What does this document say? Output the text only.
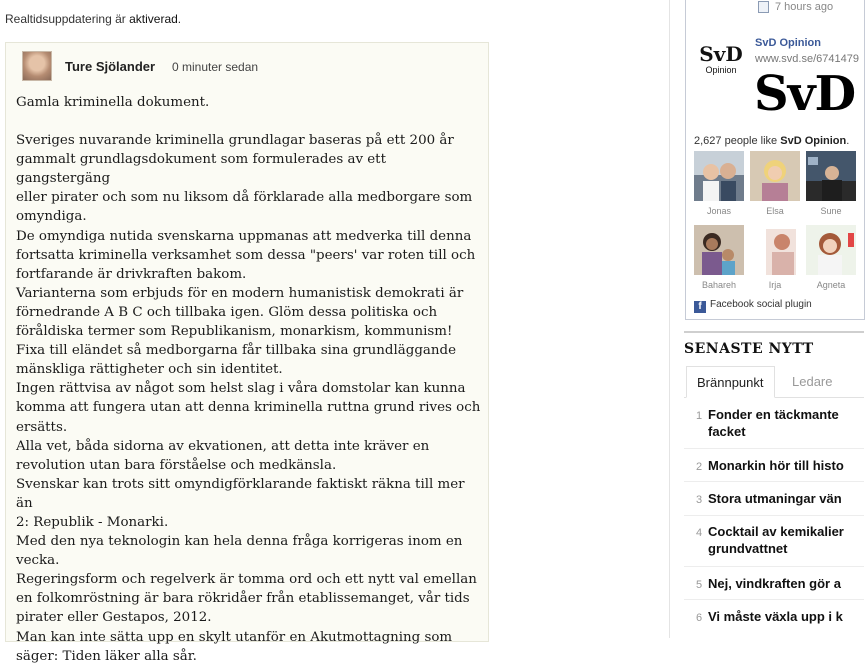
Realtidsuppdatering är aktiverad.
Ture Sjölander 0 minuter sedan
Gamla kriminella dokument.
Sveriges nuvarande kriminella grundlagar baseras på ett 200 år
gammalt grundlagsdokument som formulerades av ett gangstergäng
eller pirater och som nu liksom då förklarade alla medborgare som
omyndiga.
De omyndiga nutida svenskarna uppmanas att medverka till denna
fortsatta kriminella verksamhet som dessa "peers' var roten till och
fortfarande är drivkraften bakom.
Varianterna som erbjuds för en modern humanistisk demokrati är
förnedrande A B C och tillbaka igen. Glöm dessa politiska och
föråldiska termer som Republikanism, monarkism, kommunism!
Fixa till eländet så medborgarna får tillbaka sina grundläggande
mänskliga rättigheter och sin identitet.
Ingen rättvisa av något som helst slag i våra domstolar kan kunna
komma att fungera utan att denna kriminella ruttna grund rives och
ersätts.
Alla vet, båda sidorna av ekvationen, att detta inte kräver en
revolution utan bara förståelse och medkänsla.
Svenskar kan trots sitt omyndigförklarande faktiskt räkna till mer än
2: Republik - Monarki.
Med den nya teknologin kan hela denna fråga korrigeras inom en
vecka.
Regeringsform och regelverk är tomma ord och ett nytt val emellan
en folkomröstning är bara rökridåer från etablissemanget, vår tids
pirater eller Gestapos, 2012.
Man kan inte sätta upp en skylt utanför en Akutmottagning som
säger: Tiden läker alla sår.
7 hours ago
SvD
Opinion
SvD Opinion
www.svd.se/6741479
SvD
2,627 people like SvD Opinion.
Jonas	Elsa	Sune
Bahareh	Irja	Agneta
f Facebook social plugin
SENASTE NYTT
Brännpunkt	Ledare
1 Fonder en täckmante
facket
2 Monarkin hör till histo
3 Stora utmaningar vän
4 Cocktail av kemikalier
grundvattnet
5 Nej, vindkraften gör a
6 Vi måste växla upp i k
